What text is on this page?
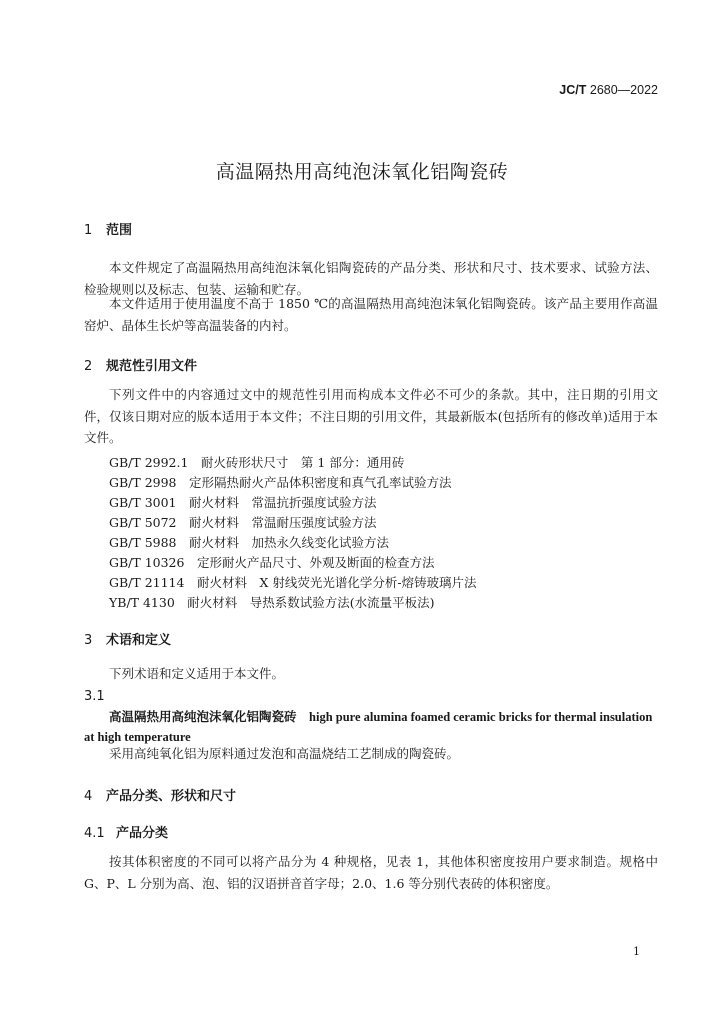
JC/T 2680—2022
高温隔热用高纯泡沫氧化铝陶瓷砖
1 范围
本文件规定了高温隔热用高纯泡沫氧化铝陶瓷砖的产品分类、形状和尺寸、技术要求、试验方法、检验规则以及标志、包装、运输和贮存。
本文件适用于使用温度不高于 1850 ℃的高温隔热用高纯泡沫氧化铝陶瓷砖。该产品主要用作高温窑炉、晶体生长炉等高温装备的内衬。
2 规范性引用文件
下列文件中的内容通过文中的规范性引用而构成本文件必不可少的条款。其中，注日期的引用文件，仅该日期对应的版本适用于本文件；不注日期的引用文件，其最新版本(包括所有的修改单)适用于本文件。
GB/T 2992.1　耐火砖形状尺寸　第 1 部分：通用砖
GB/T 2998　定形隔热耐火产品体积密度和真气孔率试验方法
GB/T 3001　耐火材料　常温抗折强度试验方法
GB/T 5072　耐火材料　常温耐压强度试验方法
GB/T 5988　耐火材料　加热永久线变化试验方法
GB/T 10326　定形耐火产品尺寸、外观及断面的检查方法
GB/T 21114　耐火材料　X 射线荧光光谱化学分析-熔铸玻璃片法
YB/T 4130　耐火材料　导热系数试验方法(水流量平板法)
3 术语和定义
下列术语和定义适用于本文件。
3.1
高温隔热用高纯泡沫氧化铝陶瓷砖　 high pure alumina foamed ceramic bricks for thermal insulation at high temperature
采用高纯氧化铝为原料通过发泡和高温烧结工艺制成的陶瓷砖。
4 产品分类、形状和尺寸
4.1 产品分类
按其体积密度的不同可以将产品分为 4 种规格，见表 1，其他体积密度按用户要求制造。规格中 G、P、L 分别为高、泡、铝的汉语拼音首字母；2.0、1.6 等分别代表砖的体积密度。
1
